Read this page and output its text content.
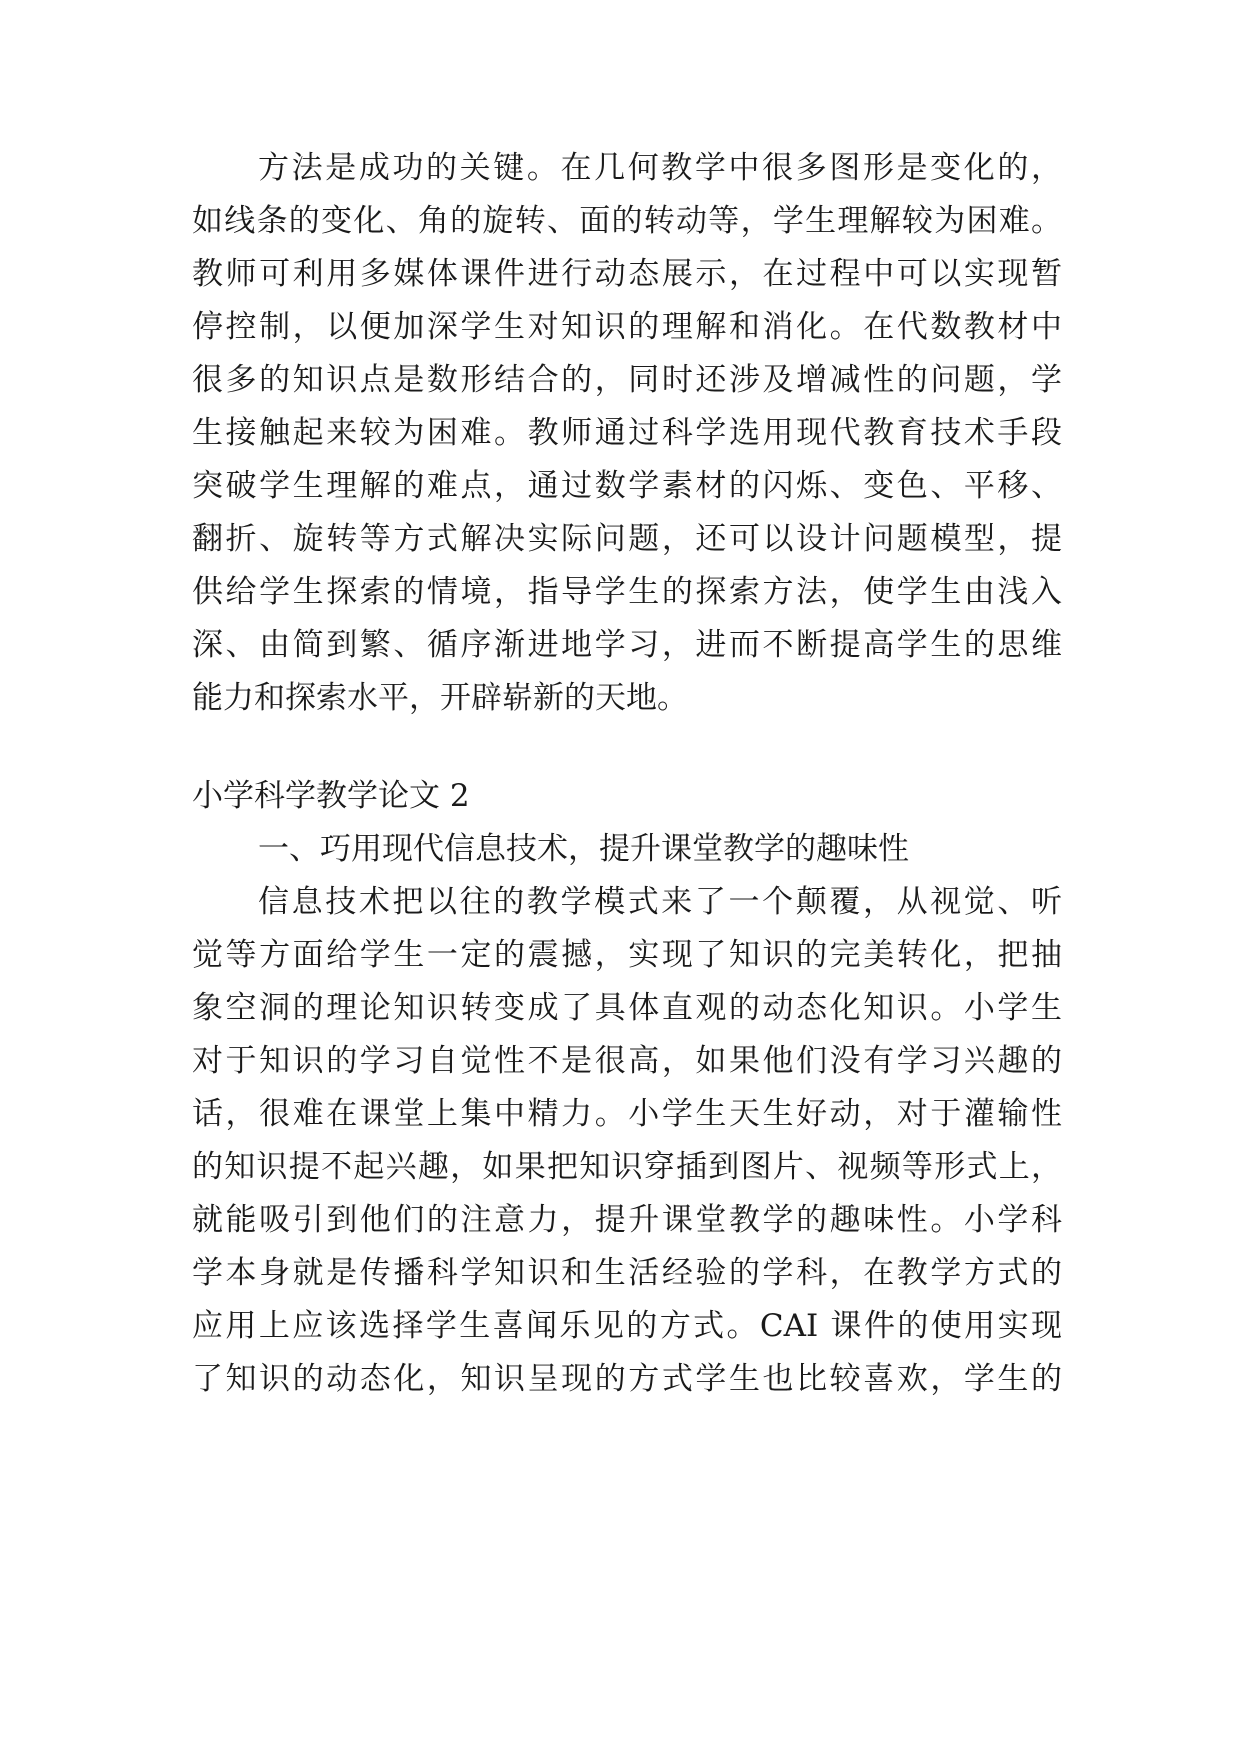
方法是成功的关键。在几何教学中很多图形是变化的，
如线条的变化、角的旋转、面的转动等，学生理解较为困难。
教师可利用多媒体课件进行动态展示，在过程中可以实现暂
停控制，以便加深学生对知识的理解和消化。在代数教材中
很多的知识点是数形结合的，同时还涉及增减性的问题，学
生接触起来较为困难。教师通过科学选用现代教育技术手段
突破学生理解的难点，通过数学素材的闪烁、变色、平移、
翻折、旋转等方式解决实际问题，还可以设计问题模型，提
供给学生探索的情境，指导学生的探索方法，使学生由浅入
深、由简到繁、循序渐进地学习，进而不断提高学生的思维
能力和探索水平，开辟崭新的天地。
小学科学教学论文 2
一、巧用现代信息技术，提升课堂教学的趣味性
信息技术把以往的教学模式来了一个颠覆，从视觉、听
觉等方面给学生一定的震撼，实现了知识的完美转化，把抽
象空洞的理论知识转变成了具体直观的动态化知识。小学生
对于知识的学习自觉性不是很高，如果他们没有学习兴趣的
话，很难在课堂上集中精力。小学生天生好动，对于灌输性
的知识提不起兴趣，如果把知识穿插到图片、视频等形式上，
就能吸引到他们的注意力，提升课堂教学的趣味性。小学科
学本身就是传播科学知识和生活经验的学科，在教学方式的
应用上应该选择学生喜闻乐见的方式。CAI 课件的使用实现
了知识的动态化，知识呈现的方式学生也比较喜欢，学生的
